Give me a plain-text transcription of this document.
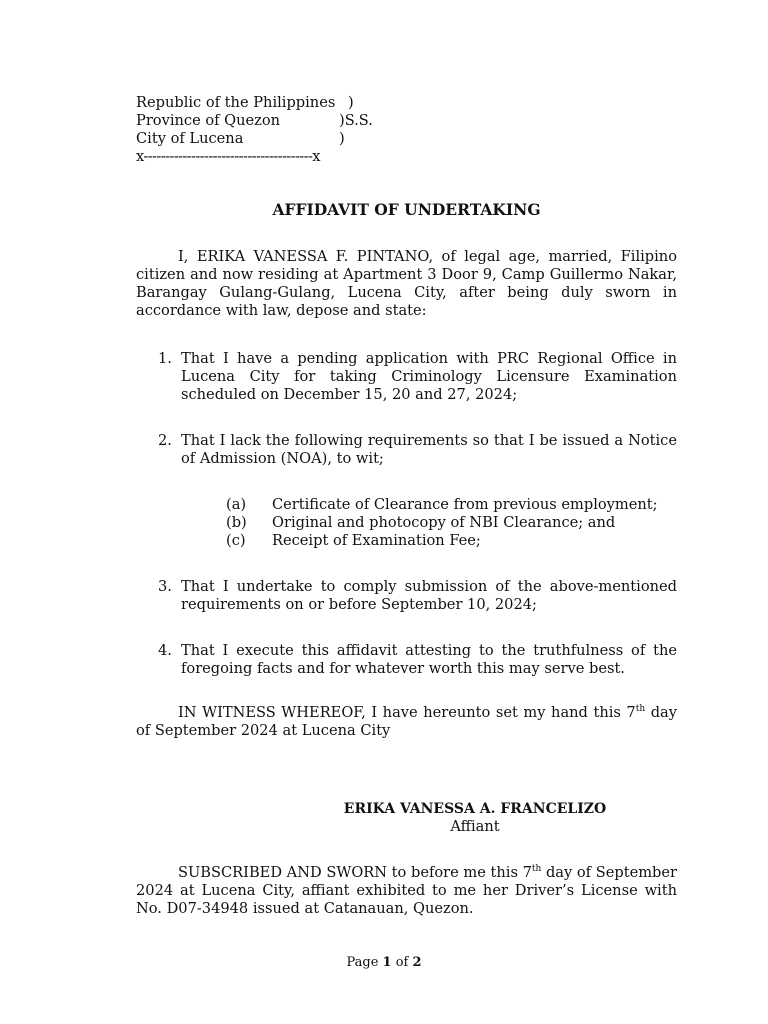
Republic of the Philippines )
Province of Quezon	)S.S.
City of Lucena	)
x---------------------------------------x
AFFIDAVIT OF UNDERTAKING

I, ERIKA VANESSA F. PINTANO, of legal age, married, Filipino citizen and now residing at Apartment 3 Door 9, Camp Guillermo Nakar, Barangay Gulang-Gulang, Lucena City, after being duly sworn in accordance with law, depose and state:

1. That I have a pending application with PRC Regional Office in Lucena City for taking Criminology Licensure Examination scheduled on December 15, 20 and 27, 2024;
2. That I lack the following requirements so that I be issued a Notice of Admission (NOA), to wit;
(a)	Certificate of Clearance from previous employment;
(b)	Original and photocopy of NBI Clearance; and
(c)	Receipt of Examination Fee;
3. That I undertake to comply submission of the above-mentioned requirements on or before September 10, 2024;
4. That I execute this affidavit attesting to the truthfulness of the foregoing facts and for whatever worth this may serve best.

IN WITNESS WHEREOF, I have hereunto set my hand this 7th day of September 2024 at Lucena City

ERIKA VANESSA A. FRANCELIZO
Affiant

SUBSCRIBED AND SWORN to before me this 7th day of September 2024 at Lucena City, affiant exhibited to me her Driver’s License with No. D07-34948 issued at Catanauan, Quezon.

Page 1 of 2
